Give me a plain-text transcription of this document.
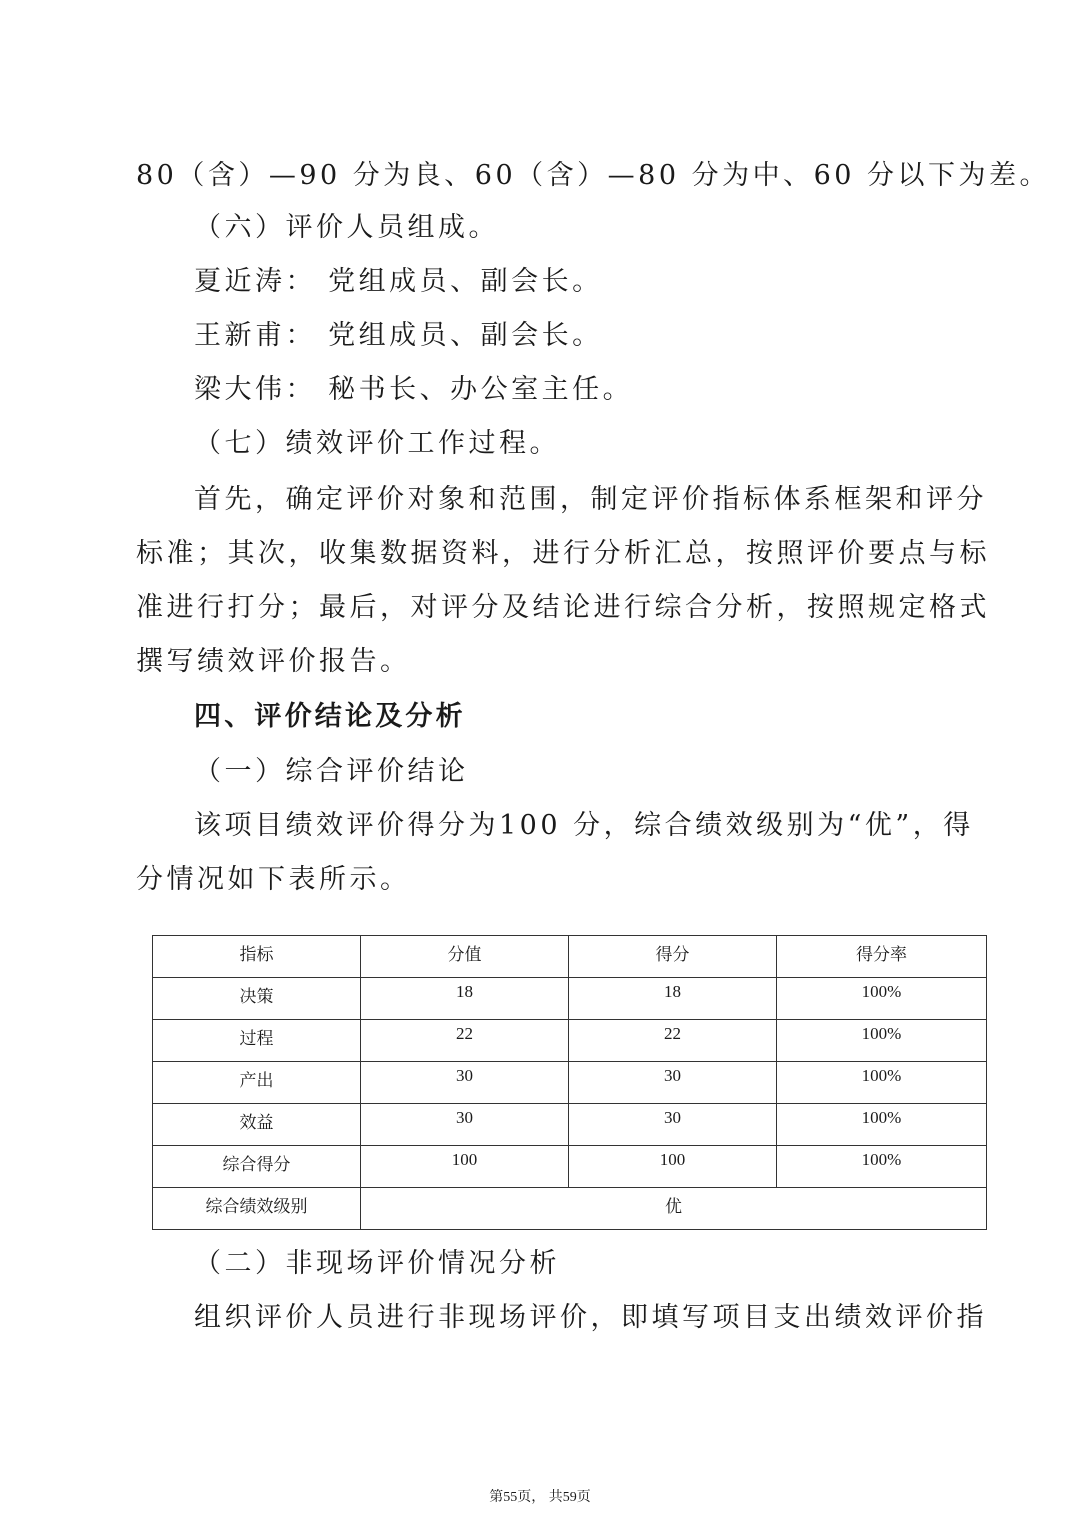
80（含）—90 分为良、60（含）—80 分为中、60 分以下为差。
（六）评价人员组成。
夏近涛： 党组成员、副会长。
王新甫： 党组成员、副会长。
梁大伟： 秘书长、办公室主任。
（七）绩效评价工作过程。
首先，确定评价对象和范围，制定评价指标体系框架和评分
标准；其次，收集数据资料，进行分析汇总，按照评价要点与标
准进行打分；最后，对评分及结论进行综合分析，按照规定格式
撰写绩效评价报告。
四、评价结论及分析
（一）综合评价结论
该项目绩效评价得分为100 分，综合绩效级别为“优”，得
分情况如下表所示。
指标	分值	得分	得分率
决策	18	18	100%
过程	22	22	100%
产出	30	30	100%
效益	30	30	100%
综合得分	100	100	100%
综合绩效级别	优		
（二）非现场评价情况分析
组织评价人员进行非现场评价，即填写项目支出绩效评价指
第55页， 共59页
